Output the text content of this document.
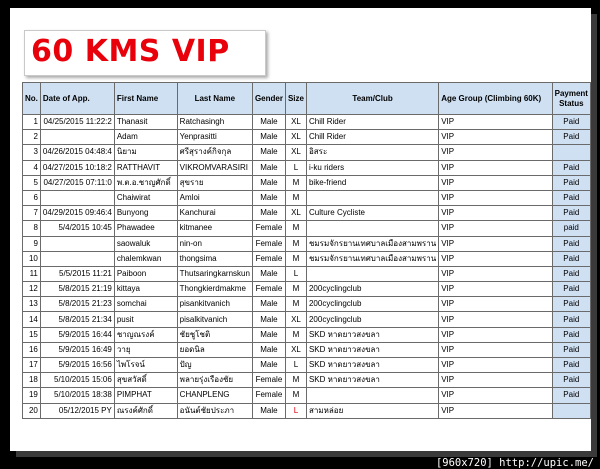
60 KMS VIP
No.	Date of App.	First Name	Last Name	Gender	Size	Team/Club	Age Group (Climbing 60K)	Payment Status
1	04/25/2015 11:22:2	Thanasit	Ratchasingh	Male	XL	Chill Rider	VIP	Paid
2		Adam	Yenprasitti	Male	XL	Chill Rider	VIP	Paid
3	04/26/2015 04:48:4	นิยาม	ศรีสุรางค์กิจกุล	Male	XL	อิสระ	VIP	
4	04/27/2015 10:18:2	RATTHAVIT	VIKROMVARASIRI	Male	L	i-ku riders	VIP	Paid
5	04/27/2015 07:11:0	พ.ต.อ.ชาญศักดิ์	สุขราย	Male	M	bike-friend	VIP	Paid
6		Chaiwirat	Amloi	Male	M		VIP	Paid
7	04/29/2015 09:46:4	Bunyong	Kanchurai	Male	XL	Culture Cycliste	VIP	Paid
8	5/4/2015 10:45	Phawadee	kitmanee	Female	M		VIP	paid
9		saowaluk	nin-on	Female	M	ชมรมจักรยานเทศบาลเมืองสามพราน	VIP	Paid
10		chalemkwan	thongsima	Female	M	ชมรมจักรยานเทศบาลเมืองสามพราน	VIP	Paid
11	5/5/2015 11:21	Paiboon	Thutsaringkarnskun	Male	L		VIP	Paid
12	5/8/2015 21:19	kittaya	Thongkierdmakme	Female	M	200cyclingclub	VIP	Paid
13	5/8/2015 21:23	somchai	pisankitvanich	Male	M	200cyclingclub	VIP	Paid
14	5/8/2015 21:34	pusit	pisalkitvanich	Male	XL	200cyclingclub	VIP	Paid
15	5/9/2015 16:44	ชาญณรงค์	ชัยชูโชติ	Male	M	SKD หาดยาวสงขลา	VIP	Paid
16	5/9/2015 16:49	วายุ	ยอดนิล	Male	XL	SKD หาดยาวสงขลา	VIP	Paid
17	5/9/2015 16:56	ไพโรจน์	ปัญ	Male	L	SKD หาดยาวสงขลา	VIP	Paid
18	5/10/2015 15:06	สุขสวัสดิ์	พลายรุ่งเรืองชัย	Female	M	SKD หาดยาวสงขลา	VIP	Paid
19	5/10/2015 18:38	PIMPHAT	CHANPLENG	Female	M		VIP	Paid
20	05/12/2015 PY	ณรงค์ศักดิ์	อนันต์ชัยประภา	Male	L	สามหล่อย	VIP	
[960x720] http://upic.me/
